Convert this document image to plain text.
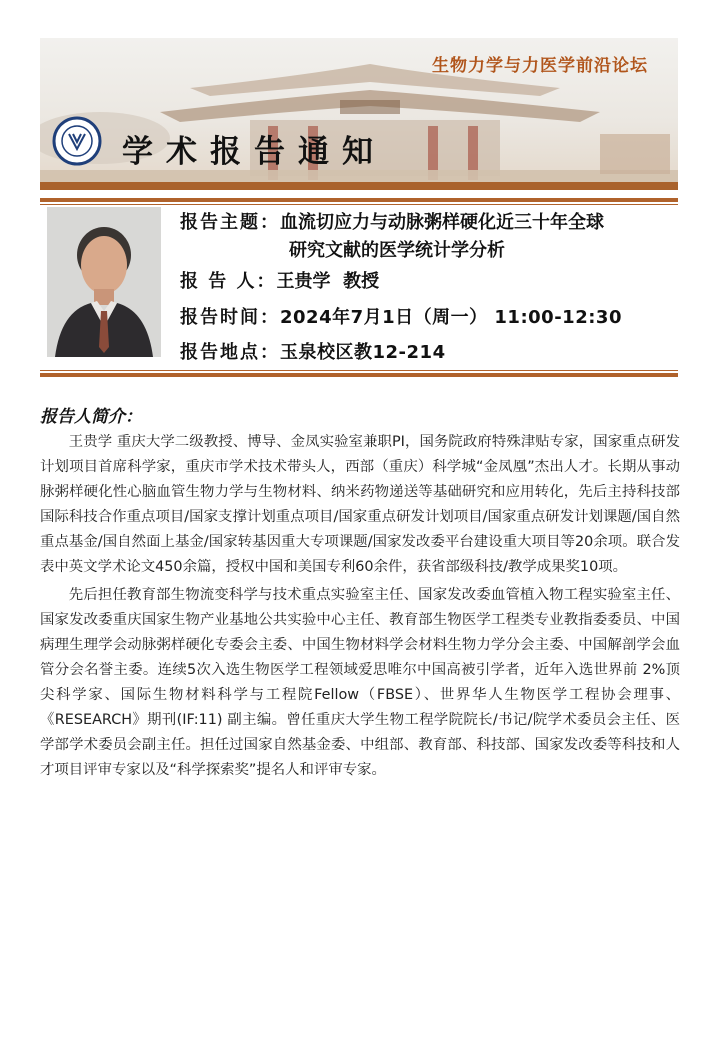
生物力学与力医学前沿论坛
学术报告通知
报告主题：血流切应力与动脉粥样硬化近三十年全球
研究文献的医学统计学分析
报 告 人：王贵学  教授
报告时间：2024年7月1日（周一） 11:00-12:30
报告地点：玉泉校区教12-214
报告人简介：

王贵学 重庆大学二级教授、博导、金凤实验室兼职PI，国务院政府特殊津贴专家，国家重点研发计划项目首席科学家，重庆市学术技术带头人，西部（重庆）科学城“金凤凰”杰出人才。长期从事动脉粥样硬化性心脑血管生物力学与生物材料、纳米药物递送等基础研究和应用转化，先后主持科技部国际科技合作重点项目/国家支撑计划重点项目/国家重点研发计划项目/国家重点研发计划课题/国自然重点基金/国自然面上基金/国家转基因重大专项课题/国家发改委平台建设重大项目等20余项。联合发表中英文学术论文450余篇，授权中国和美国专利60余件，获省部级科技/教学成果奖10项。

先后担任教育部生物流变科学与技术重点实验室主任、国家发改委血管植入物工程实验室主任、国家发改委重庆国家生物产业基地公共实验中心主任、教育部生物医学工程类专业教指委委员、中国病理生理学会动脉粥样硬化专委会主委、中国生物材料学会材料生物力学分会主委、中国解剖学会血管分会名誉主委。连续5次入选生物医学工程领域爱思唯尔中国高被引学者，近年入选世界前 2%顶尖科学家、国际生物材料科学与工程院Fellow（FBSE）、世界华人生物医学工程协会理事、《RESEARCH》期刊(IF:11) 副主编。曾任重庆大学生物工程学院院长/书记/院学术委员会主任、医学部学术委员会副主任。担任过国家自然基金委、中组部、教育部、科技部、国家发改委等科技和人才项目评审专家以及“科学探索奖”提名人和评审专家。
